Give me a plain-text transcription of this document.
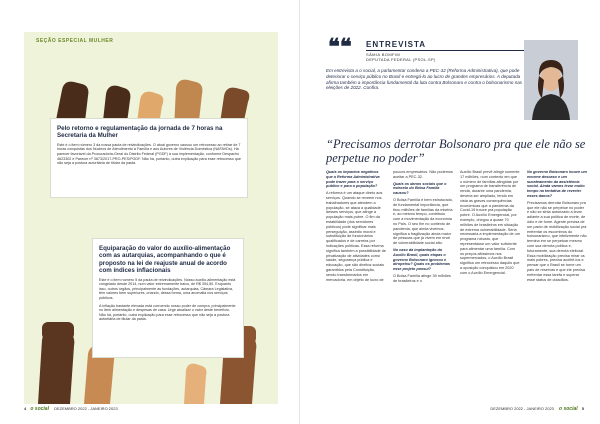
SEÇÃO ESPECIAL MULHER
Pelo retorno e regulamentação da jornada de 7 horas na Secretaria da Mulher

Este é o item número 3 da nossa pauta de reivindicações. O atual governo causou um retrocesso ao retirar de 7 horas conquistas dos Núcleos de Atendimento à Família e aos Autores de Violência Doméstica (NAFAVDs). Há parecer favorável da Procuradoria-Geral do Distrito Federal (PGDF) à sua implementação, conforme Despacho 4623302 e Parecer nº 3673/2017-PRO-PES/PGDF. Não há, portanto, outra explicação para esse retrocesso que não seja a postura autoritária de titular da pasta.

Equiparação do valor do auxílio-alimentação com as autarquias, acompanhando o que é proposto na lei de reajuste anual de acordo com índices inflacionais

Este é o item número 5 da pauta de reivindicações. Nosso auxílio-alimentação está congelado desde 2014, num valor extremamente baixo, de R$ 394,50. Enquanto isso, outros órgãos, principalmente as fundações, autarquias, Câmara Legislativa, têm valores bem superiores, criando, dessa forma, uma anomalia nos serviços públicos.

A inflação bastante elevada está corroendo nosso poder de compra, principalmente no item alimentação e despesas de casa. Urge atualizar o valor deste benefício. Não há, portanto, outra explicação para esse retrocesso que não seja a postura autoritária de titular da pasta.

4 o social DEZEMBRO 2022 - JANEIRO 2023
❝❝ ENTREVISTA
SÂMIA BOMFIM
DEPUTADA FEDERAL (PSOL-SP)
Em entrevista a o social, a parlamentar condena a PEC-32 (Reforma Administrativa), que pode deteriorar o serviço público no Brasil e entregá-lo ao lucro de grandes empresários. A deputada afirma também a importância fundamental da luta contra Bolsonaro e contra o bolsonarismo nas eleições de 2022. Confira.
“Precisamos derrotar Bolsonaro pra que ele não se perpetue no poder”

Quais os impactos negativos que a Reforma Administrativa pode trazer para o serviço público e para a população?

A reforma é um ataque direto aos serviços. Quando se reveem nos trabalhadores que atendem a população, se ataca a qualidade desses serviços, que atinge a população mais pobre. O fim da estabilidade (dos servidores públicos) pode significar mais perseguição, assédio moral e substituição de funcionários qualificados e de carreira por indicações políticas. Essa reforma significa também a possibilidade de privatização de atividades como saúde, segurança pública e educação, que são direitos sociais garantidos pela Constituição, sendo transformados em mercadoria, em objeto de lucro de

poucos empresários. Não podemos aceitar a PEC-32.

Quais os danos sociais que o esfacelo do Bolsa Família causou?

O Bolsa Família é bem estruturado, de fundamental importância, que tirou milhões de famílias da miséria e, ao mesmo tempo, contribuiu com a movimentação da economia no País. O seu fim no contexto de pandemia, que ainda vivemos, significa a fragilização ainda maior de pessoas que já vivem em nível de vulnerabilidade social alto.

No caso da implantação do Auxílio Brasil, quais etapas o governo Bolsonaro ignorou e atropelou? Quais os problemas esse projeto possui?

O Bolsa Família atinge 39 milhões de brasileiros e o

Auxílio Brasil prevê atingir somente 17 milhões, num contexto em que o número de famílias atingidas por um programa de transferência de renda, durante uma pandemia, deveria ser ampliado, tendo em vista as graves consequências econômicas que a pandemia da Covid-19 trouxe pra população pobre. O Auxílio Emergencial, por exemplo, chegou a quase 70 milhões de brasileiros em situação de extrema vulnerabilidade. Seria necessária a implementação de um programa robusto, que representasse um valor suficiente para alimentar uma família. Com os preços altíssimos nos supermercados, o Auxílio Brasil significa um retrocesso daquilo que a oposição conquistou em 2020 com o Auxílio Emergencial.

No governo Bolsonaro houve um enorme descaso e um sucateamento da assistência social. Ainda vamos levar muito tempo na tentativa de reverter esses danos?

Precisamos derrotar Bolsonaro pra que ele não se perpetue no poder e não se sinta autorizado a levar adiante a sua política de morte, de ódio e de fome. Agente precisa de um pacto de mobilização social pra enfrentar os escombros do bolsonarismo, que infelizmente não termina em se perpetuar mesmo com sua derrota política e, futuramente, sua derrota eleitoral. Essa mobilização precisa mirar os mais pobres, precisa acolhê-los e pensar que o Brasil se torne um país de reservas e que ele precisa enfrentar essa tarefa e superar esse status de cidadãos.

DEZEMBRO 2022 - JANEIRO 2023 o social 5
